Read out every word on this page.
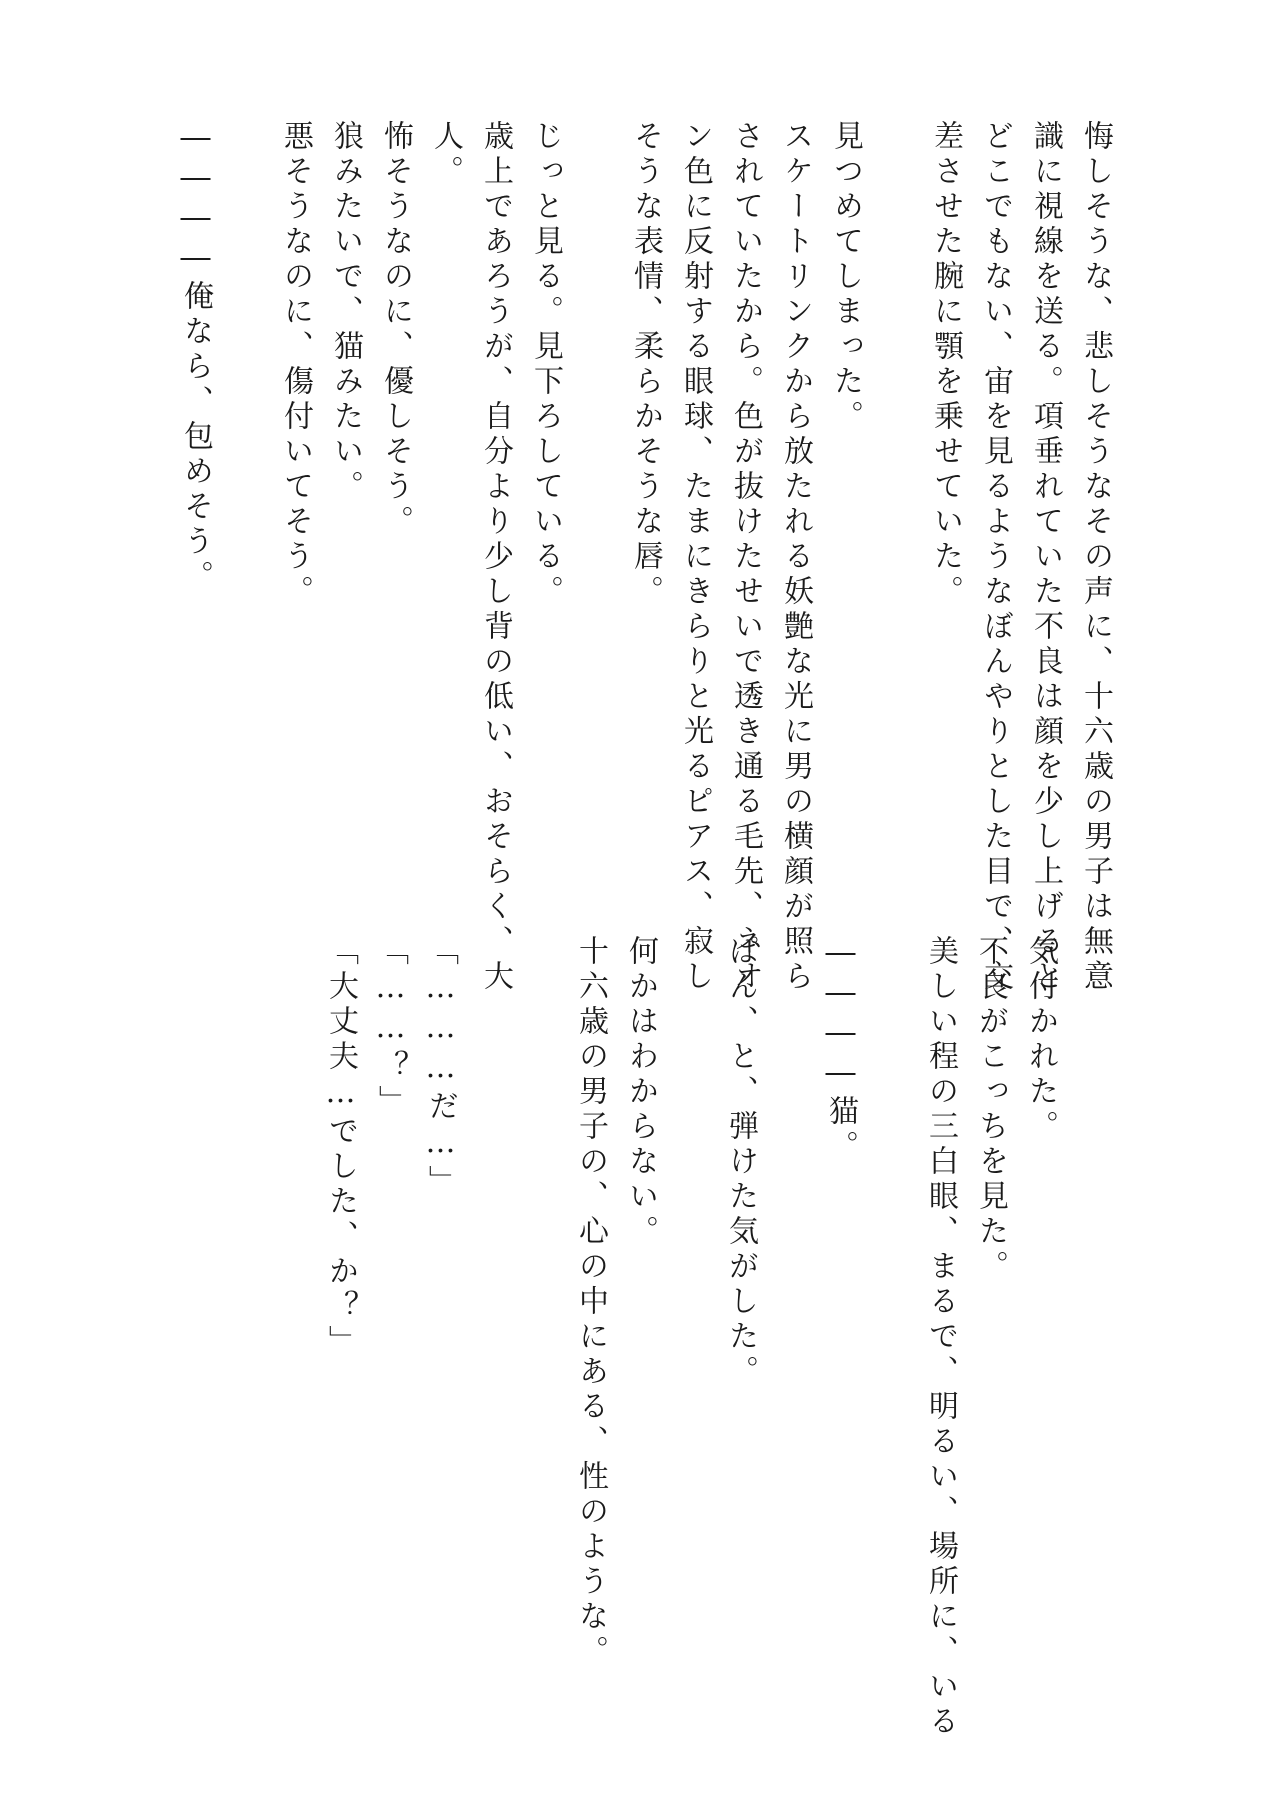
悔しそうな、悲しそうなその声に、十六歳の男子は無意
識に視線を送る。項垂れていた不良は顔を少し上げると
どこでもない、宙を見るようなぼんやりとした目で、交
差させた腕に顎を乗せていた。
見つめてしまった。
スケートリンクから放たれる妖艶な光に男の横顔が照ら
されていたから。色が抜けたせいで透き通る毛先、ネオ
ン色に反射する眼球、たまにきらりと光るピアス、寂し
そうな表情、柔らかそうな唇。
じっと見る。見下ろしている。
歳上であろうが、自分より少し背の低い、おそらく、大
人。
怖そうなのに、優しそう。
狼みたいで、猫みたい。
悪そうなのに、傷付いてそう。
――――俺なら、包めそう。
気付かれた。
不良がこっちを見た。
美しい程の三白眼、まるで、明るい、場所に、いる
――――猫。
ぱん、と、弾けた気がした。
何かはわからない。
十六歳の男子の、心の中にある、性のような。
「………だ…」
「……？」
「大丈夫…でした、か？」
